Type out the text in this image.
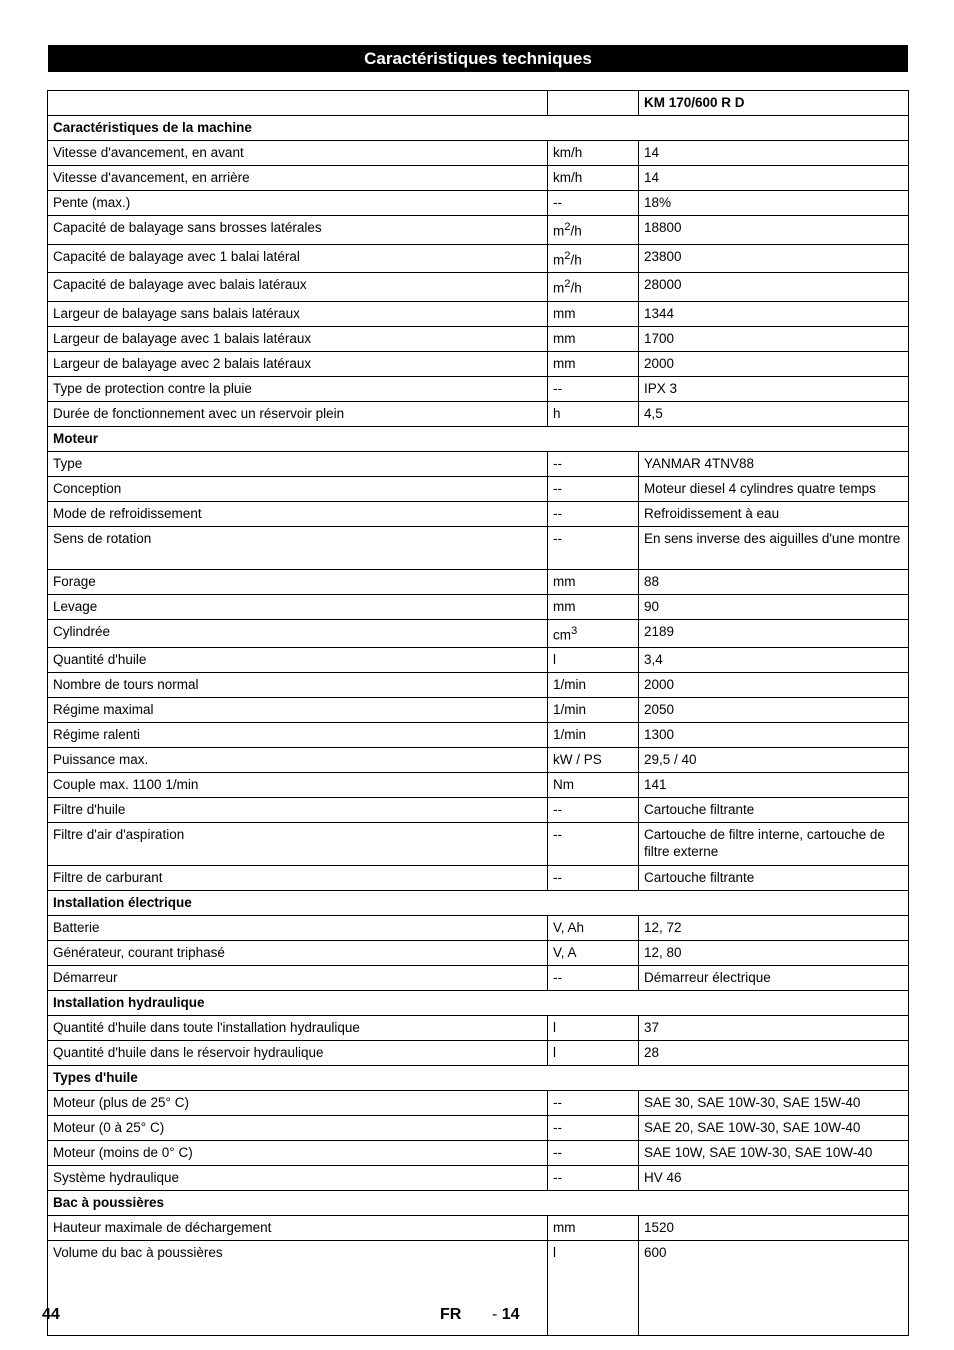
Caractéristiques techniques
		KM 170/600 R D
Caractéristiques de la machine		
Vitesse d'avancement, en avant	km/h	14
Vitesse d'avancement, en arrière	km/h	14
Pente (max.)	--	18%
Capacité de balayage sans brosses latérales	$m^2/h$	18800
Capacité de balayage avec 1 balai latéral	$m^2/h$	23800
Capacité de balayage avec balais latéraux	$m^2/h$	28000
Largeur de balayage sans balais latéraux	mm	1344
Largeur de balayage avec 1 balais latéraux	mm	1700
Largeur de balayage avec 2 balais latéraux	mm	2000
Type de protection contre la pluie	--	IPX 3
Durée de fonctionnement avec un réservoir plein	h	4,5
Moteur		
Type	--	YANMAR 4TNV88
Conception	--	Moteur diesel 4 cylindres quatre temps
Mode de refroidissement	--	Refroidissement à eau
Sens de rotation	--	En sens inverse des aiguilles d'une montre
Forage	mm	88
Levage	mm	90
Cylindrée	$cm^3$	2189
Quantité d'huile	l	3,4
Nombre de tours normal	1/min	2000
Régime maximal	1/min	2050
Régime ralenti	1/min	1300
Puissance max.	kW / PS	29,5 / 40
Couple max. 1100 1/min	Nm	141
Filtre d'huile	--	Cartouche filtrante
Filtre d'air d'aspiration	--	Cartouche de filtre interne, cartouche de filtre externe
Filtre de carburant	--	Cartouche filtrante
Installation électrique		
Batterie	V, Ah	12, 72
Générateur, courant triphasé	V, A	12, 80
Démarreur	--	Démarreur électrique
Installation hydraulique		
Quantité d'huile dans toute l'installation hydraulique	l	37
Quantité d'huile dans le réservoir hydraulique	l	28
Types d'huile		
Moteur (plus de 25° C)	--	SAE 30, SAE 10W-30, SAE 15W-40
Moteur (0 à 25° C)	--	SAE 20, SAE 10W-30, SAE 10W-40
Moteur (moins de 0° C)	--	SAE 10W, SAE 10W-30, SAE 10W-40
Système hydraulique	--	HV 46
Bac à poussières		
Hauteur maximale de déchargement	mm	1520
Volume du bac à poussières	l	600
44	FR - 14
